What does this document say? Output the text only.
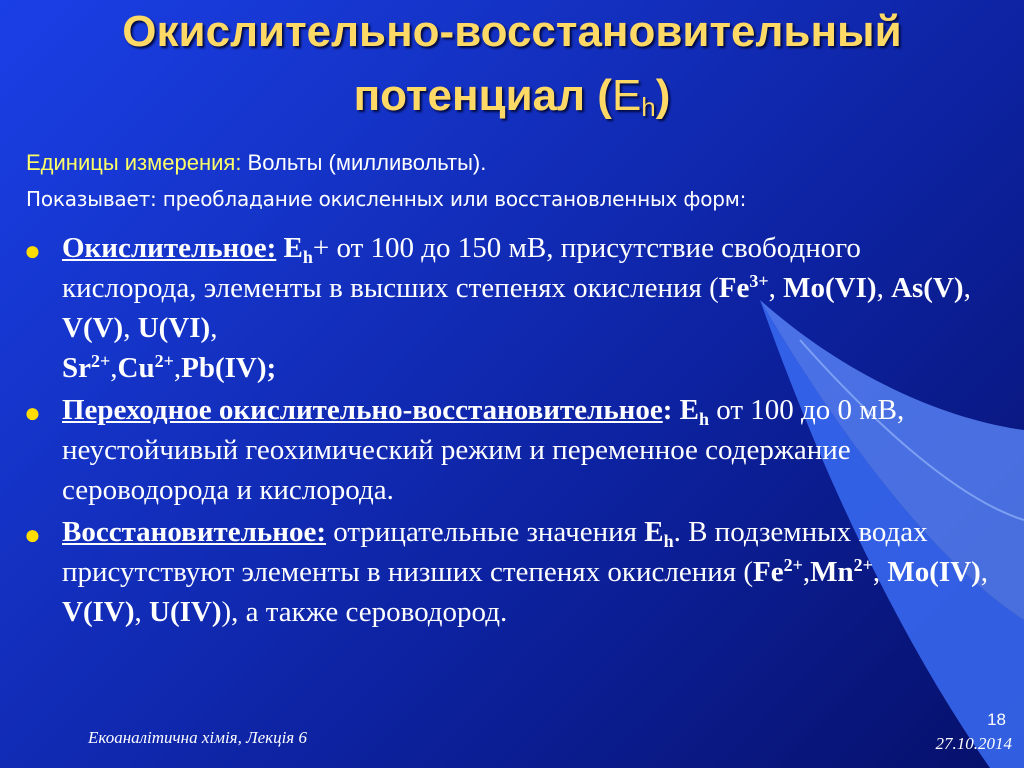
Окислительно-восстановительный
потенциал $(E_h)$
Единицы измерения: Вольты (милливольты).
Показывает: преобладание окисленных или восстановленных форм:
● Окислительное: $E_h+$ от 100 до 150 мВ, присутствие свободного кислорода, элементы в высших степенях окисления ($Fe^{3+}$, Mo(VI), As(V), V(V), U(VI),
$Sr^{2+},Cu^{2+},Pb(IV)$;
● Переходное окислительно-восстановительное: $E_h$ от 100 до 0 мВ, неустойчивый геохимический режим и переменное содержание сероводорода и кислорода.
● Восстановительное: отрицательные значения $E_h$. В подземных водах присутствуют элементы в низших степенях окисления ($Fe^{2+},Mn^{2+}$, Mo(IV), V(IV), U(IV)), а также сероводород.
Екоаналітична хімія, Лекція 6
18
27.10.2014
